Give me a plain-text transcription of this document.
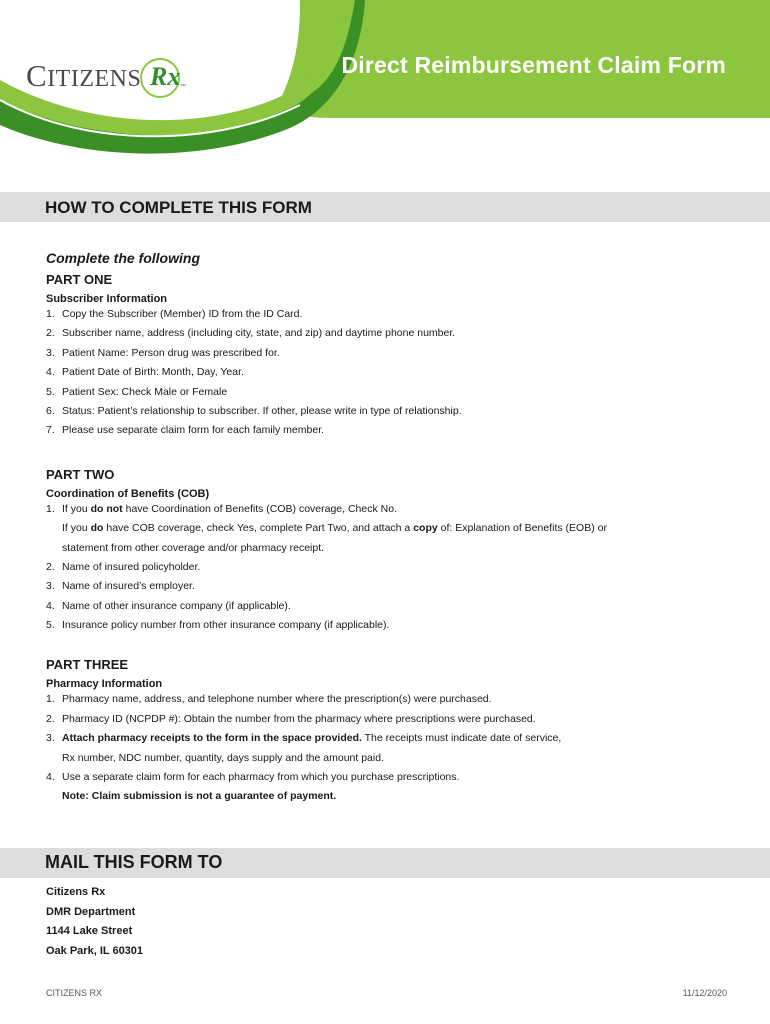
Direct Reimbursement Claim Form
CITIZENS Rx ™
HOW TO COMPLETE THIS FORM
Complete the following
PART ONE
Subscriber Information
1. Copy the Subscriber (Member) ID from the ID Card.
2. Subscriber name, address (including city, state, and zip) and daytime phone number.
3. Patient Name: Person drug was prescribed for.
4. Patient Date of Birth: Month, Day, Year.
5. Patient Sex: Check Male or Female
6. Status: Patient’s relationship to subscriber. If other, please write in type of relationship.
7. Please use separate claim form for each family member.
PART TWO
Coordination of Benefits (COB)
1. If you do not have Coordination of Benefits (COB) coverage, Check No.
If you do have COB coverage, check Yes, complete Part Two, and attach a copy of: Explanation of Benefits (EOB) or
statement from other coverage and/or pharmacy receipt.
2. Name of insured policyholder.
3. Name of insured’s employer.
4. Name of other insurance company (if applicable).
5. Insurance policy number from other insurance company (if applicable).
PART THREE
Pharmacy Information
1. Pharmacy name, address, and telephone number where the prescription(s) were purchased.
2. Pharmacy ID (NCPDP #): Obtain the number from the pharmacy where prescriptions were purchased.
3. Attach pharmacy receipts to the form in the space provided. The receipts must indicate date of service,
Rx number, NDC number, quantity, days supply and the amount paid.
4. Use a separate claim form for each pharmacy from which you purchase prescriptions.
Note: Claim submission is not a guarantee of payment.
MAIL THIS FORM TO
Citizens Rx
DMR Department
1144 Lake Street
Oak Park, IL 60301
CITIZENS RX	11/12/2020
